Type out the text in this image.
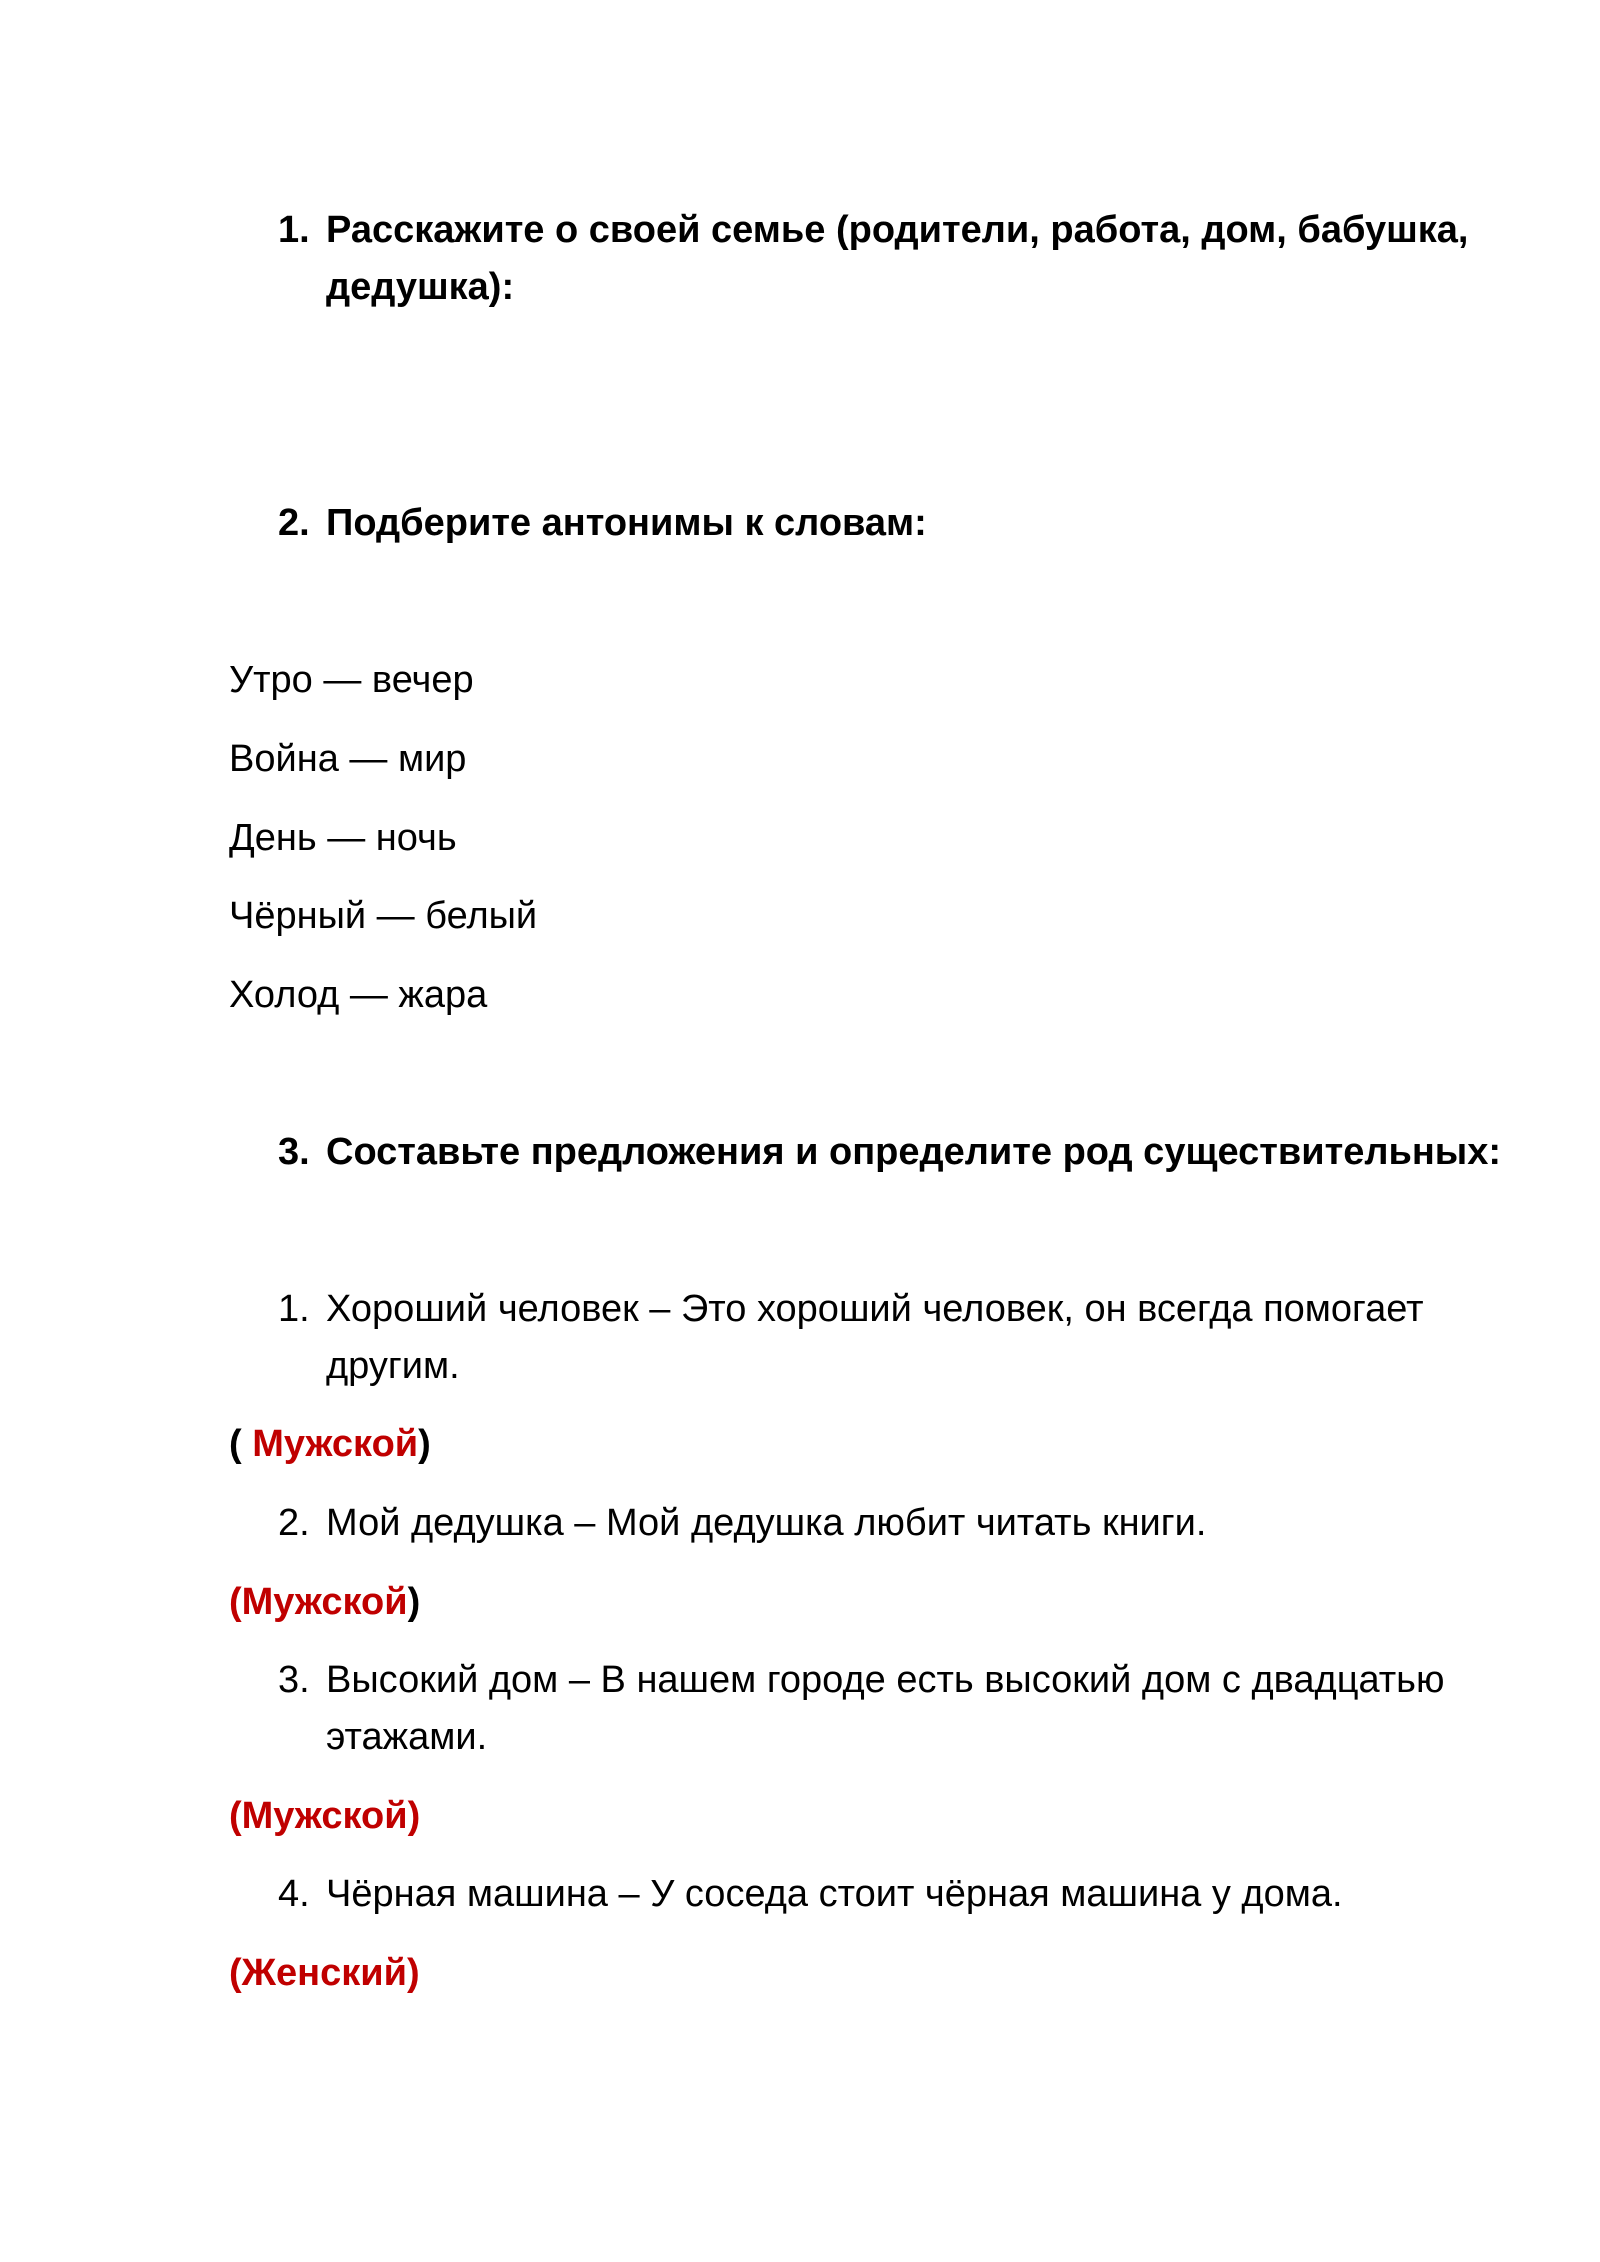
1. Расскажите о своей семье (родители, работа, дом, бабушка,
дедушка):
2. Подберите антонимы к словам:
Утро — вечер
Война — мир
День — ночь
Чёрный — белый
Холод — жара
3. Составьте предложения и определите род существительных:
1. Хороший человек – Это хороший человек, он всегда помогает
другим.
( Мужской)
2. Мой дедушка – Мой дедушка любит читать книги.
(Мужской)
3. Высокий дом – В нашем городе есть высокий дом с двадцатью
этажами.
(Мужской)
4. Чёрная машина – У соседа стоит чёрная машина у дома.
(Женский)
